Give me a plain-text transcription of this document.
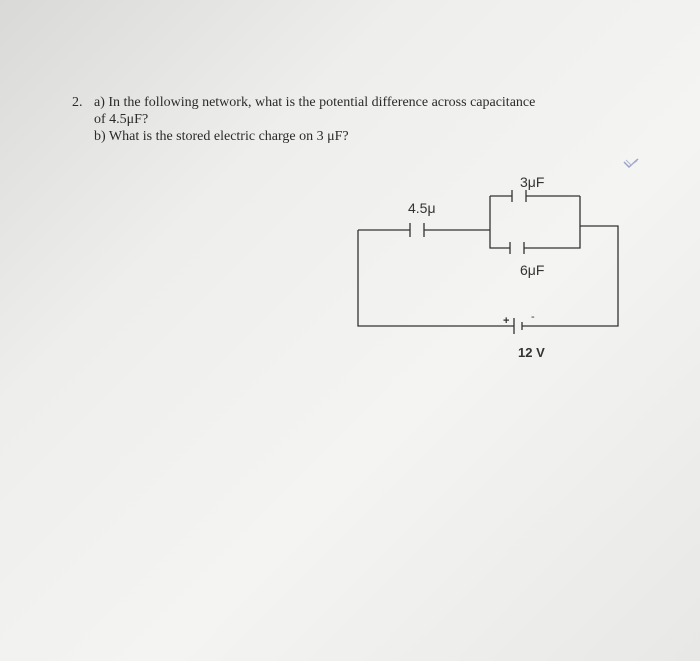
2. a) In the following network, what is the potential difference across capacitance
of 4.5μF?
b) What is the stored electric charge on 3 μF?
+ -
3μF
4.5μ
6μF
12 V
